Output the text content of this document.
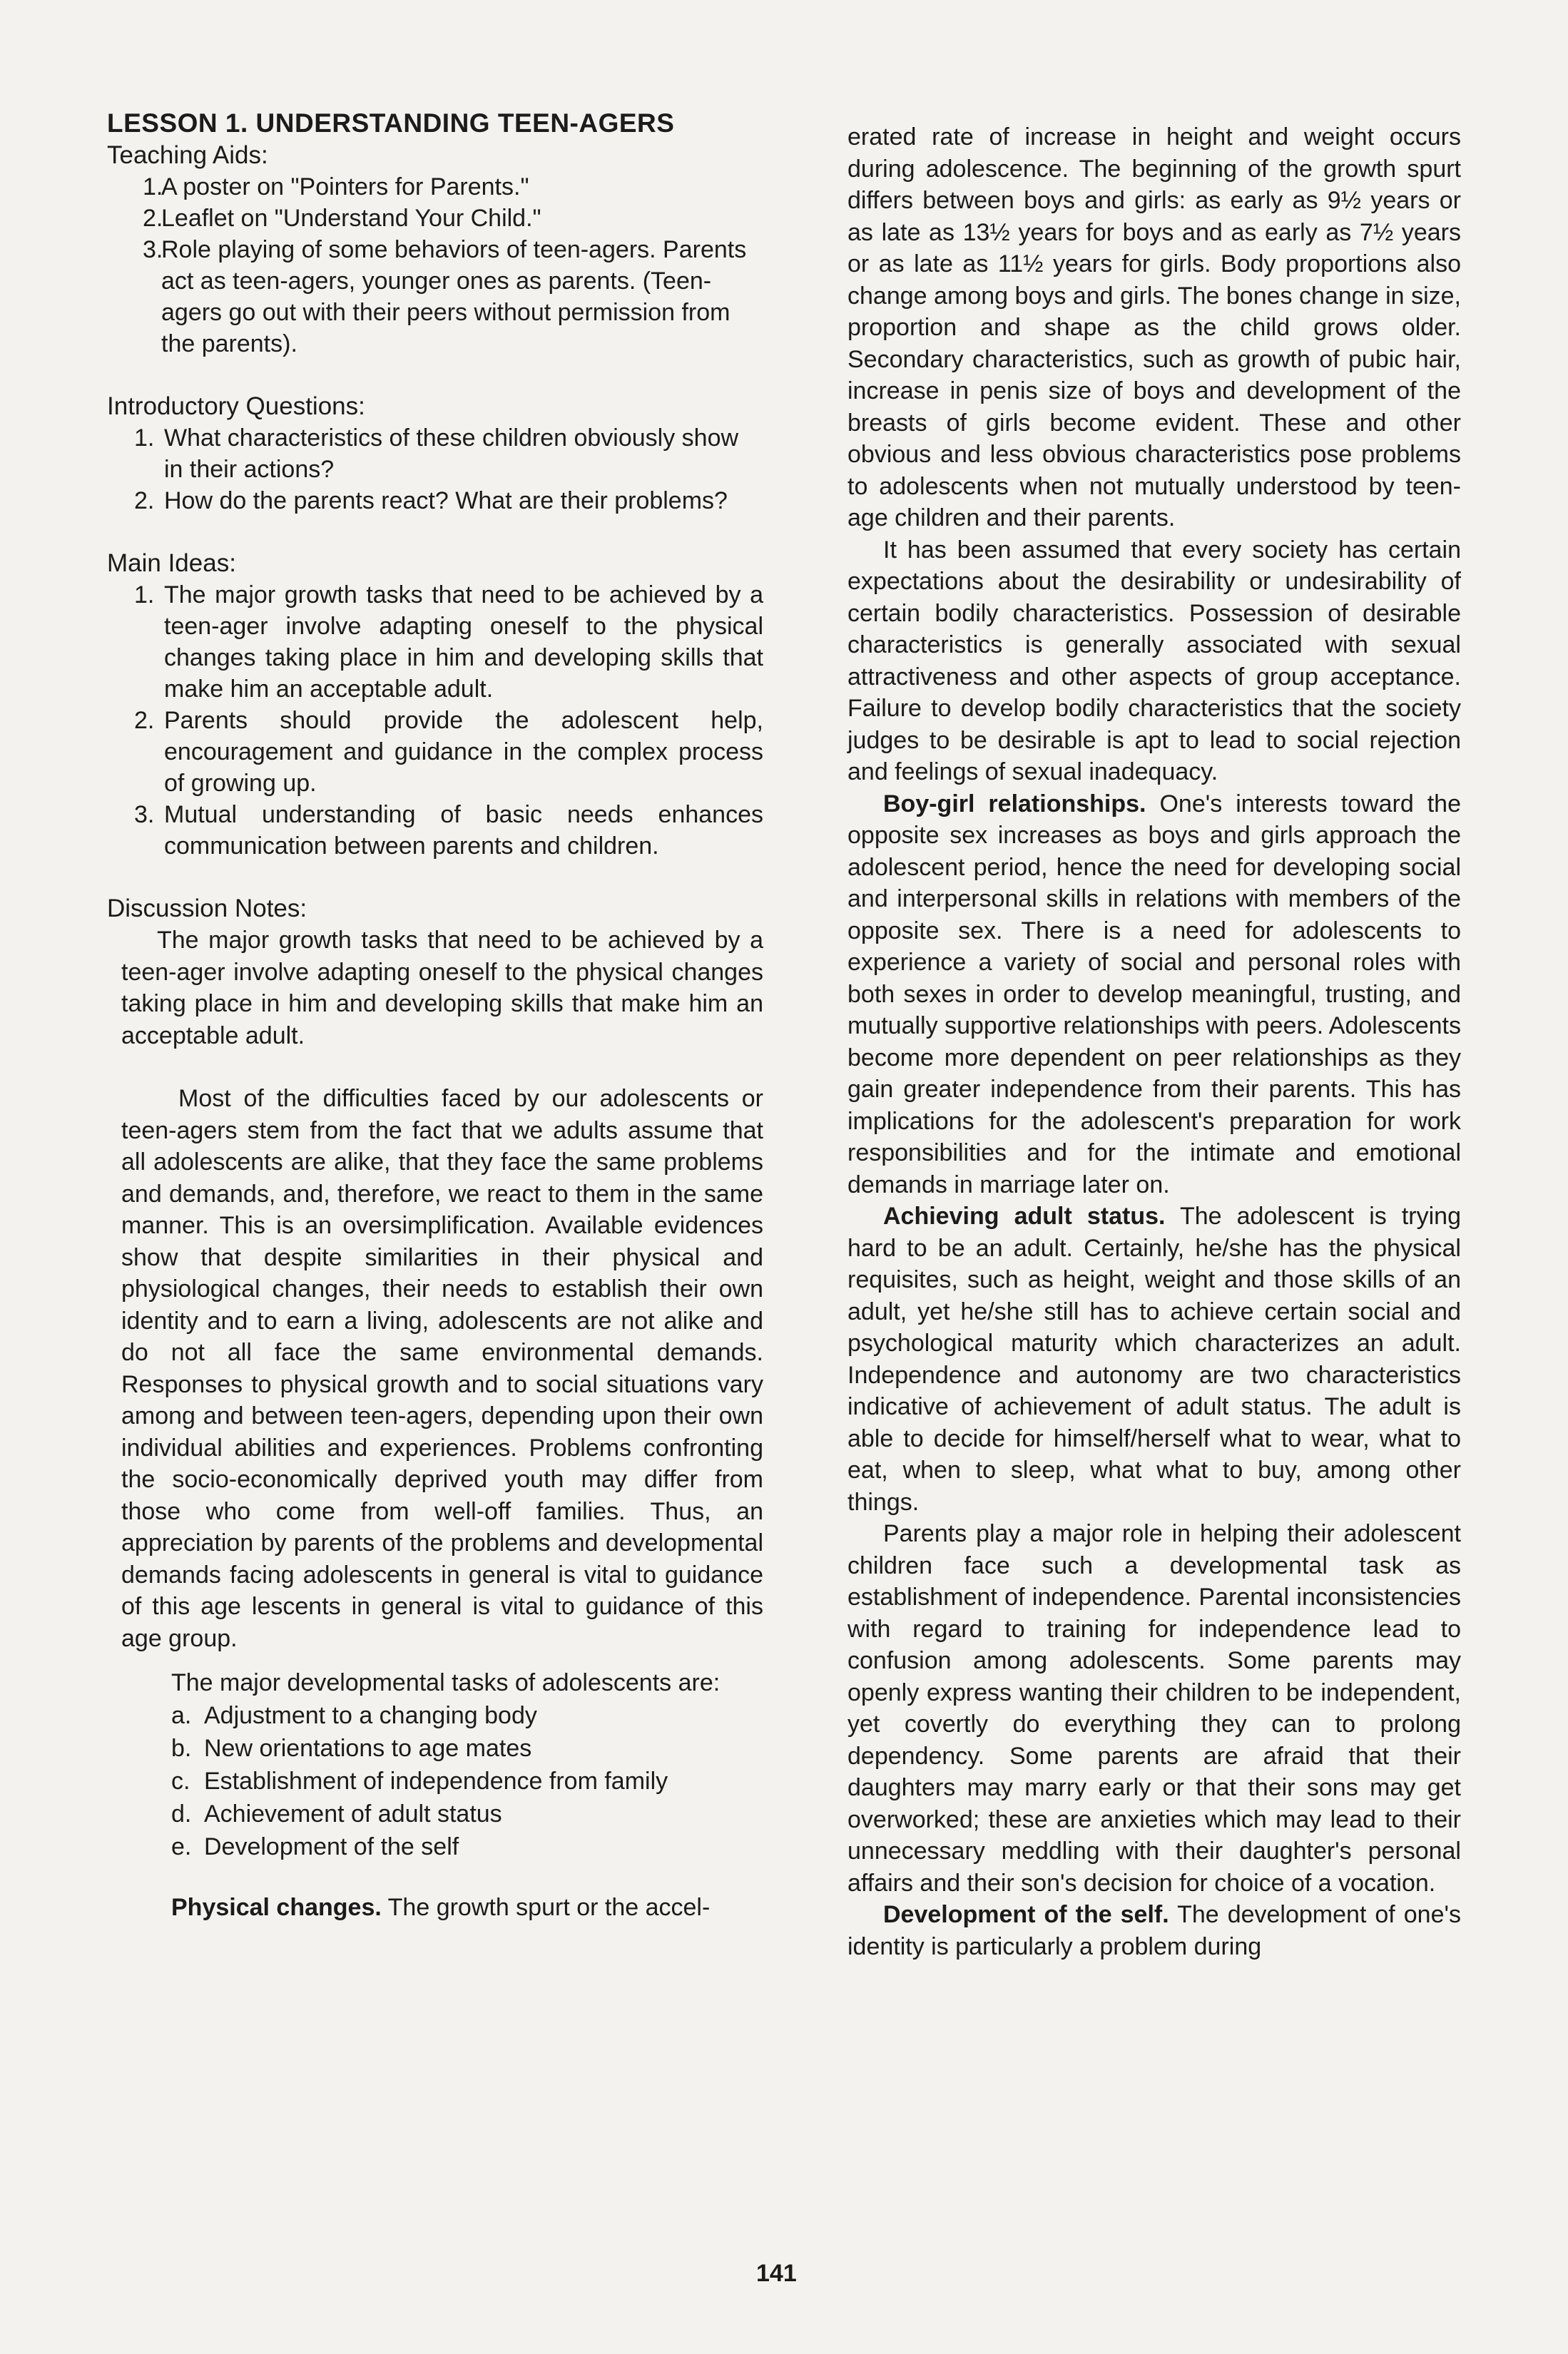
LESSON 1. UNDERSTANDING TEEN-AGERS

Teaching Aids:

1.
A poster on "Pointers for Parents."
2.
Leaflet on "Understand Your Child."
3.
Role playing of some behaviors of teen-agers. Parents act as teen-agers, younger ones as parents. (Teen-agers go out with their peers without permission from the parents).

Introductory Questions:

1. What characteristics of these children obviously show in their actions?
2. How do the parents react? What are their problems?

Main Ideas:

1. The major growth tasks that need to be achieved by a teen-ager involve adapting oneself to the physical changes taking place in him and developing skills that make him an acceptable adult.
2. Parents should provide the adolescent help, encouragement and guidance in the complex process of growing up.
3. Mutual understanding of basic needs enhances communication between parents and children.

Discussion Notes:

The major growth tasks that need to be achieved by a teen-ager involve adapting oneself to the physical changes taking place in him and developing skills that make him an acceptable adult.

Most of the difficulties faced by our adolescents or teen-agers stem from the fact that we adults assume that all adolescents are alike, that they face the same problems and demands, and, therefore, we react to them in the same manner. This is an oversimplification. Available evidences show that despite similarities in their physical and physiological changes, their needs to establish their own identity and to earn a living, adolescents are not alike and do not all face the same environmental demands. Responses to physical growth and to social situations vary among and between teen-agers, depending upon their own individual abilities and experiences. Problems confronting the socio-economically deprived youth may differ from those who come from well-off families. Thus, an appreciation by parents of the problems and developmental demands facing adolescents in general is vital to guidance of this age lescents in general is vital to guidance of this age group.

The major developmental tasks of adolescents are:

a. Adjustment to a changing body
b. New orientations to age mates
c. Establishment of independence from family
d. Achievement of adult status
e. Development of the self

Physical changes. The growth spurt or the accel-

erated rate of increase in height and weight occurs during adolescence. The beginning of the growth spurt differs between boys and girls: as early as 9½ years or as late as 13½ years for boys and as early as 7½ years or as late as 11½ years for girls. Body proportions also change among boys and girls. The bones change in size, proportion and shape as the child grows older. Secondary characteristics, such as growth of pubic hair, increase in penis size of boys and development of the breasts of girls become evident. These and other obvious and less obvious characteristics pose problems to adolescents when not mutually understood by teen-age children and their parents.

It has been assumed that every society has certain expectations about the desirability or undesirability of certain bodily characteristics. Possession of desirable characteristics is generally associated with sexual attractiveness and other aspects of group acceptance. Failure to develop bodily characteristics that the society judges to be desirable is apt to lead to social rejection and feelings of sexual inadequacy.

Boy-girl relationships. One's interests toward the opposite sex increases as boys and girls approach the adolescent period, hence the need for developing social and interpersonal skills in relations with members of the opposite sex. There is a need for adolescents to experience a variety of social and personal roles with both sexes in order to develop meaningful, trusting, and mutually supportive relationships with peers. Adolescents become more dependent on peer relationships as they gain greater independence from their parents. This has implications for the adolescent's preparation for work responsibilities and for the intimate and emotional demands in marriage later on.

Achieving adult status. The adolescent is trying hard to be an adult. Certainly, he/she has the physical requisites, such as height, weight and those skills of an adult, yet he/she still has to achieve certain social and psychological maturity which characterizes an adult. Independence and autonomy are two characteristics indicative of achievement of adult status. The adult is able to decide for himself/herself what to wear, what to eat, when to sleep, what what to buy, among other things.

Parents play a major role in helping their adolescent children face such a developmental task as establishment of independence. Parental inconsistencies with regard to training for independence lead to confusion among adolescents. Some parents may openly express wanting their children to be independent, yet covertly do everything they can to prolong dependency. Some parents are afraid that their daughters may marry early or that their sons may get overworked; these are anxieties which may lead to their unnecessary meddling with their daughter's personal affairs and their son's decision for choice of a vocation.

Development of the self. The development of one's identity is particularly a problem during

141
